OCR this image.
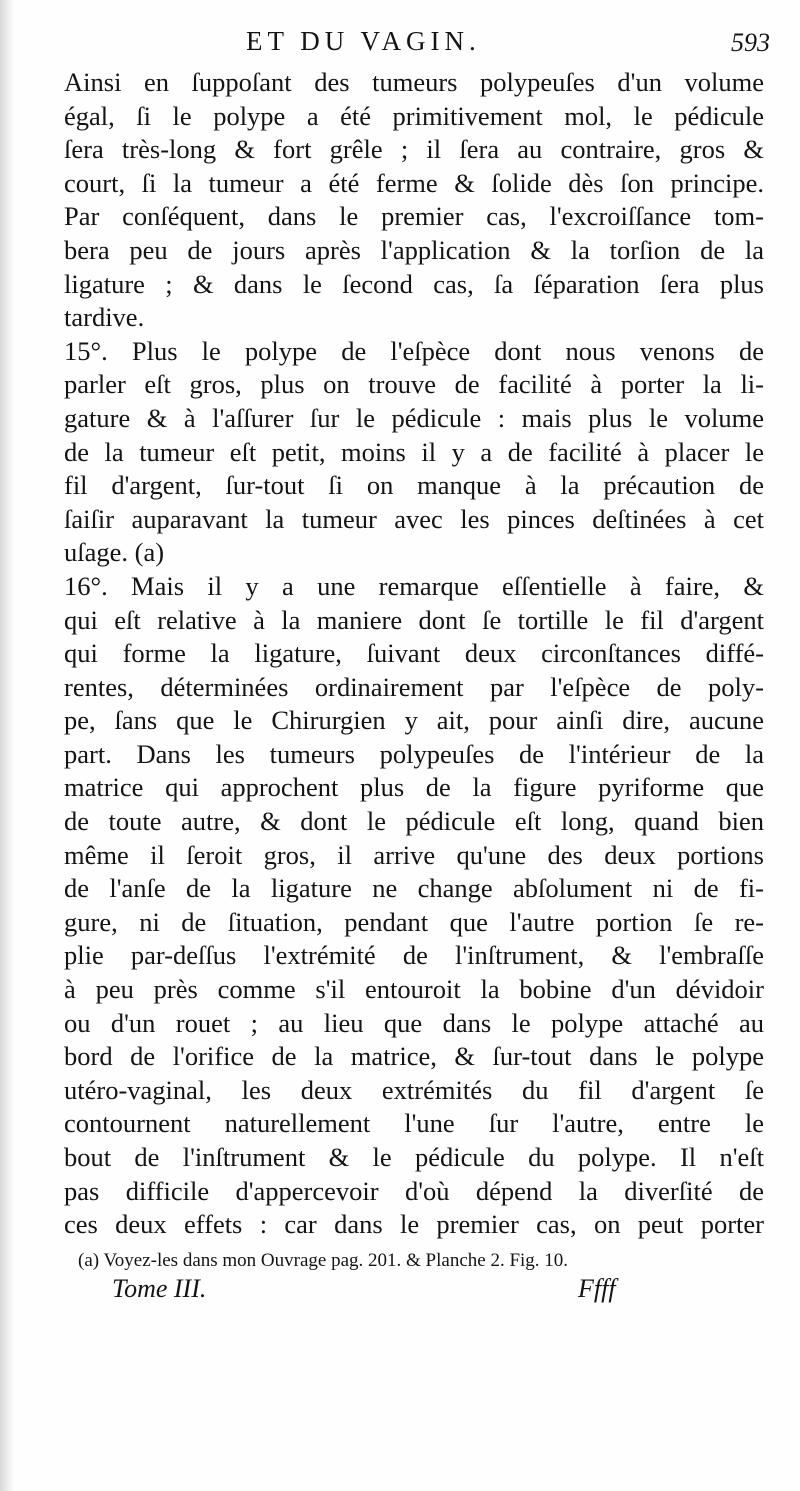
ET DU VAGIN.	593
Ainsi en ſuppoſant des tumeurs polypeuſes d'un volume
égal, ſi le polype a été primitivement mol, le pédicule
ſera très-long & fort grêle ; il ſera au contraire, gros &
court, ſi la tumeur a été ferme & ſolide dès ſon principe.
Par conſéquent, dans le premier cas, l'excroiſſance tom-
bera peu de jours après l'application & la torſion de la
ligature ; & dans le ſecond cas, ſa ſéparation ſera plus
tardive.
15°. Plus le polype de l'eſpèce dont nous venons de
parler eſt gros, plus on trouve de facilité à porter la li-
gature & à l'aſſurer ſur le pédicule : mais plus le volume
de la tumeur eſt petit, moins il y a de facilité à placer le
fil d'argent, ſur-tout ſi on manque à la précaution de
ſaiſir auparavant la tumeur avec les pinces deſtinées à cet
uſage. (a)
16°. Mais il y a une remarque eſſentielle à faire, &
qui eſt relative à la maniere dont ſe tortille le fil d'argent
qui forme la ligature, ſuivant deux circonſtances diffé-
rentes, déterminées ordinairement par l'eſpèce de poly-
pe, ſans que le Chirurgien y ait, pour ainſi dire, aucune
part. Dans les tumeurs polypeuſes de l'intérieur de la
matrice qui approchent plus de la figure pyriforme que
de toute autre, & dont le pédicule eſt long, quand bien
même il ſeroit gros, il arrive qu'une des deux portions
de l'anſe de la ligature ne change abſolument ni de fi-
gure, ni de ſituation, pendant que l'autre portion ſe re-
plie par-deſſus l'extrémité de l'inſtrument, & l'embraſſe
à peu près comme s'il entouroit la bobine d'un dévidoir
ou d'un rouet ; au lieu que dans le polype attaché au
bord de l'orifice de la matrice, & ſur-tout dans le polype
utéro-vaginal, les deux extrémités du fil d'argent ſe
contournent naturellement l'une ſur l'autre, entre le
bout de l'inſtrument & le pédicule du polype. Il n'eſt
pas difficile d'appercevoir d'où dépend la diverſité de
ces deux effets : car dans le premier cas, on peut porter
(a) Voyez-les dans mon Ouvrage pag. 201. & Planche 2. Fig. 10.
Tome III.	Ffff
